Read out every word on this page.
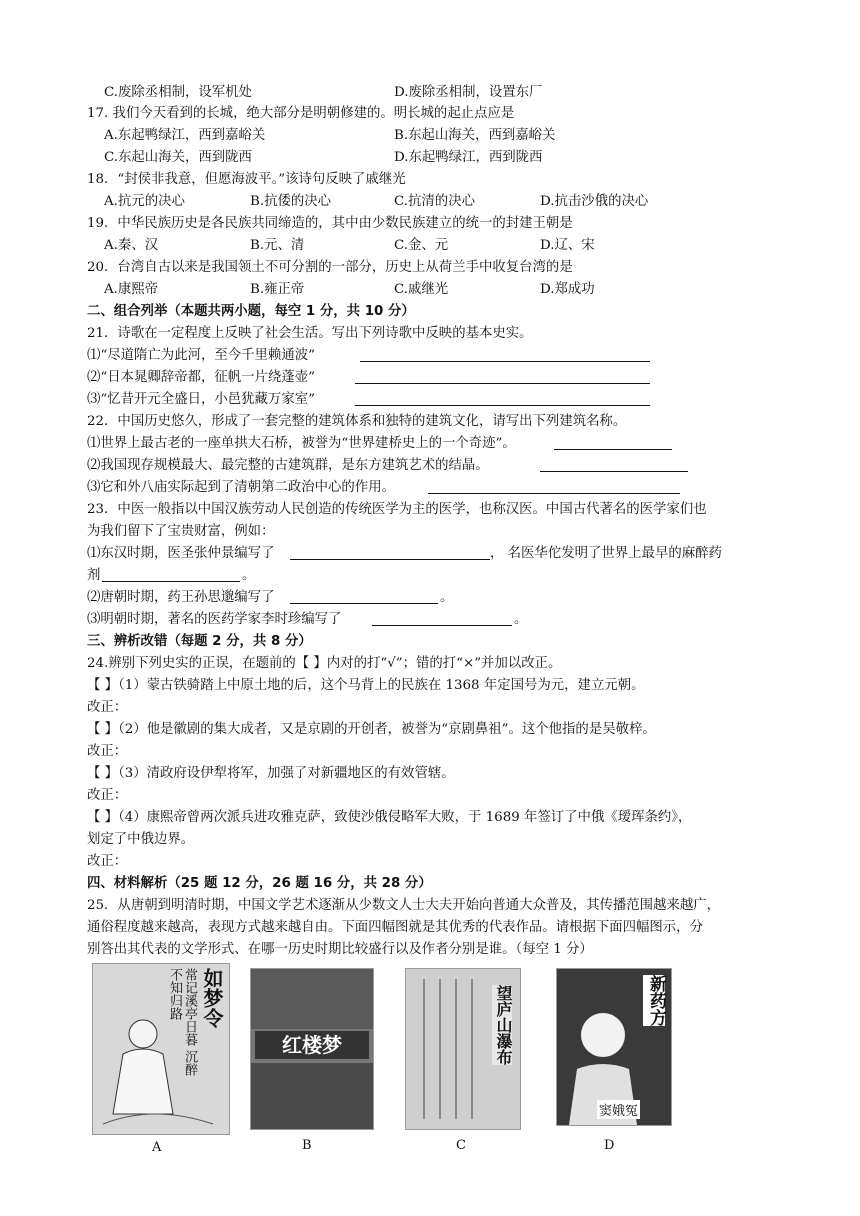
C.废除丞相制，设军机处	D.废除丞相制，设置东厂
17. 我们今天看到的长城，绝大部分是明朝修建的。明长城的起止点应是
A.东起鸭绿江，西到嘉峪关	B.东起山海关，西到嘉峪关
C.东起山海关，西到陇西	D.东起鸭绿江，西到陇西
18．“封侯非我意，但愿海波平。”该诗句反映了戚继光
A.抗元的决心	B.抗倭的决心	C.抗清的决心	D.抗击沙俄的决心
19．中华民族历史是各民族共同缔造的，其中由少数民族建立的统一的封建王朝是
A.秦、汉	B.元、清	C.金、元	D.辽、宋
20．台湾自古以来是我国领土不可分割的一部分，历史上从荷兰手中收复台湾的是
A.康熙帝	B.雍正帝	C.戚继光	D.郑成功
二、组合列举（本题共两小题，每空 1 分，共 10 分）
21．诗歌在一定程度上反映了社会生活。写出下列诗歌中反映的基本史实。
⑴“尽道隋亡为此河，至今千里赖通波”
⑵“日本晁卿辞帝都，征帆一片绕蓬壶”
⑶“忆昔开元全盛日，小邑犹藏万家室”
22．中国历史悠久，形成了一套完整的建筑体系和独特的建筑文化，请写出下列建筑名称。
⑴世界上最古老的一座单拱大石桥，被誉为“世界建桥史上的一个奇迹”。
⑵我国现存规模最大、最完整的古建筑群，是东方建筑艺术的结晶。
⑶它和外八庙实际起到了清朝第二政治中心的作用。
23．中医一般指以中国汉族劳动人民创造的传统医学为主的医学，也称汉医。中国古代著名的医学家们也
为我们留下了宝贵财富，例如：
⑴东汉时期，医圣张仲景编写了	， 名医华佗发明了世界上最早的麻醉药
剂	。
⑵唐朝时期，药王孙思邈编写了	。
⑶明朝时期，著名的医药学家李时珍编写了	。
三、辨析改错（每题 2 分，共 8 分）
24.辨别下列史实的正误，在题前的【 】内对的打“√”；错的打“×”并加以改正。
【 】（1）蒙古铁骑踏上中原土地的后，这个马背上的民族在 1368 年定国号为元，建立元朝。
改正：
【 】（2）他是徽剧的集大成者，又是京剧的开创者，被誉为“京剧鼻祖”。这个他指的是吴敬梓。
改正：
【 】（3）清政府设伊犁将军，加强了对新疆地区的有效管辖。
改正：
【 】（4）康熙帝曾两次派兵进攻雅克萨，致使沙俄侵略军大败，于 1689 年签订了中俄《瑷珲条约》，
划定了中俄边界。
改正：
四、材料解析（25 题 12 分，26 题 16 分，共 28 分）
25．从唐朝到明清时期，中国文学艺术逐渐从少数文人士大夫开始向普通大众普及，其传播范围越来越广，
通俗程度越来越高，表现方式越来越自由。下面四幅图就是其优秀的代表作品。请根据下面四幅图示，分
别答出其代表的文学形式、在哪一历史时期比较盛行以及作者分别是谁。（每空 1 分）
如梦令
常记溪亭日暮 沉醉不知归路
红楼梦	望庐山瀑布	新药方
窦娥冤
A	B	C	D
